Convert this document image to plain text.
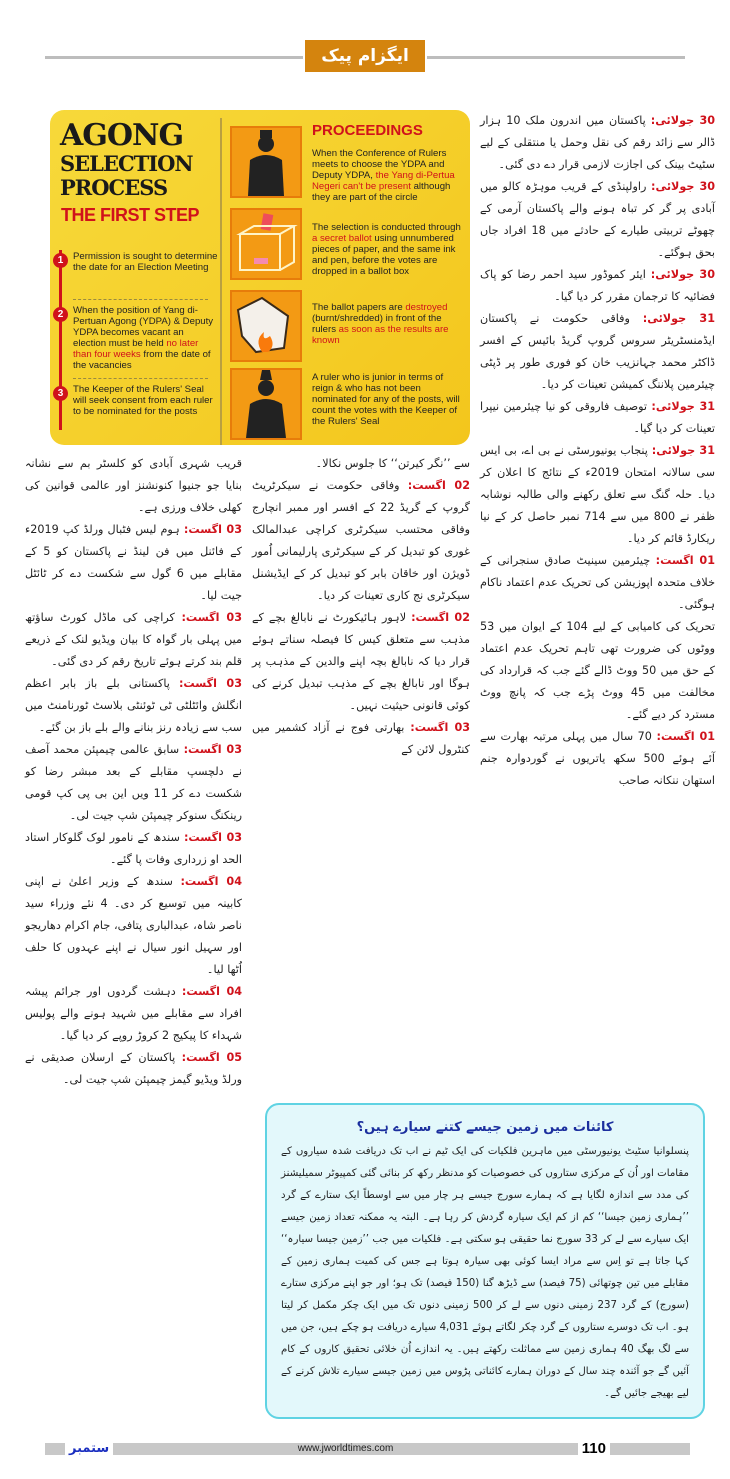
ایگزام پیک
AGONG
SELECTION
PROCESS
THE FIRST STEP
1	Permission is sought to determine the date for an Election Meeting
2	When the position of Yang di-Pertuan Agong (YDPA) & Deputy YDPA becomes vacant an election must be held no later than four weeks from the date of the vacancies
3	The Keeper of the Rulers' Seal will seek consent from each ruler to be nominated for the posts
PROCEEDINGS
When the Conference of Rulers meets to choose the YDPA and Deputy YDPA, the Yang di-Pertua Negeri can't be present although they are part of the circle
The selection is conducted through a secret ballot using unnumbered pieces of paper, and the same ink and pen, before the votes are dropped in a ballot box
The ballot papers are destroyed (burnt/shredded) in front of the rulers as soon as the results are known
A ruler who is junior in terms of reign & who has not been nominated for any of the posts, will count the votes with the Keeper of the Rulers' Seal

قریب شہری آبادی کو کلسٹر بم سے نشانہ بنایا جو جنیوا کنونشنز اور عالمی قوانین کی کھلی خلاف ورزی ہے۔

03 اگست: ہوم لیس فٹبال ورلڈ کپ 2019ء کے فائنل میں فن لینڈ نے پاکستان کو 5 کے مقابلے میں 6 گول سے شکست دے کر ٹائٹل جیت لیا۔

03 اگست: کراچی کی ماڈل کورٹ ساؤتھ میں پہلی بار گواہ کا بیان ویڈیو لنک کے ذریعے قلم بند کرتے ہوئے تاریخ رقم کر دی گئی۔

03 اگست: پاکستانی بلے باز بابر اعظم انگلش وائٹلٹی ٹی ٹوئنٹی بلاسٹ ٹورنامنٹ میں سب سے زیادہ رنز بنانے والے بلے باز بن گئے۔

03 اگست: سابق عالمی چیمپئن محمد آصف نے دلچسپ مقابلے کے بعد مبشر رضا کو شکست دے کر 11 ویں این بی پی کپ قومی رینکنگ سنوکر چیمپئن شپ جیت لی۔

03 اگست: سندھ کے نامور لوک گلوکار استاد الحد او زرداری وفات پا گئے۔

04 اگست: سندھ کے وزیر اعلیٰ نے اپنی کابینہ میں توسیع کر دی۔ 4 نئے وزراء سید ناصر شاہ، عبدالباری پتافی، جام اکرام دھاریجو اور سہیل انور سیال نے اپنے عہدوں کا حلف اُٹھا لیا۔

04 اگست: دہشت گردوں اور جرائم پیشہ افراد سے مقابلے میں شہید ہونے والے پولیس شہداء کا پیکیج 2 کروڑ روپے کر دیا گیا۔

05 اگست: پاکستان کے ارسلان صدیقی نے ورلڈ ویڈیو گیمز چیمپئن شپ جیت لی۔

سے ’’نگر کیرتن‘‘ کا جلوس نکالا۔

02 اگست: وفاقی حکومت نے سیکرٹریٹ گروپ کے گریڈ 22 کے افسر اور ممبر انچارج وفاقی محتسب سیکرٹری کراچی عبدالمالک غوری کو تبدیل کر کے سیکرٹری پارلیمانی اُمور ڈویژن اور خاقان بابر کو تبدیل کر کے ایڈیشنل سیکرٹری نج کاری تعینات کر دیا۔

02 اگست: لاہور ہائیکورٹ نے نابالغ بچے کے مذہب سے متعلق کیس کا فیصلہ سناتے ہوئے قرار دیا کہ نابالغ بچہ اپنے والدین کے مذہب پر ہوگا اور نابالغ بچے کے مذہب تبدیل کرنے کی کوئی قانونی حیثیت نہیں۔

03 اگست: بھارتی فوج نے آزاد کشمیر میں کنٹرول لائن کے

30 جولائی: پاکستان میں اندرون ملک 10 ہزار ڈالر سے زائد رقم کی نقل وحمل یا منتقلی کے لیے سٹیٹ بینک کی اجازت لازمی قرار دے دی گئی۔

30 جولائی: راولپنڈی کے قریب موہڑہ کالو میں آبادی پر گر کر تباہ ہونے والے پاکستان آرمی کے چھوٹے تربیتی طیارے کے حادثے میں 18 افراد جاں بحق ہوگئے۔

30 جولائی: ایئر کموڈور سید احمر رضا کو پاک فضائیہ کا ترجمان مقرر کر دیا گیا۔

31 جولائی: وفاقی حکومت نے پاکستان ایڈمنسٹریٹر سروس گروپ گریڈ بائیس کے افسر ڈاکٹر محمد جہانزیب خان کو فوری طور پر ڈپٹی چیئرمین پلاننگ کمیشن تعینات کر دیا۔

31 جولائی: توصیف فاروقی کو نیا چیئرمین نیپرا تعینات کر دیا گیا۔

31 جولائی: پنجاب یونیورسٹی نے بی اے، بی ایس سی سالانہ امتحان 2019ء کے نتائج کا اعلان کر دیا۔ حلہ گنگ سے تعلق رکھنے والی طالبہ نوشابہ ظفر نے 800 میں سے 714 نمبر حاصل کر کے نیا ریکارڈ قائم کر دیا۔

01 اگست: چیئرمین سینیٹ صادق سنجرانی کے خلاف متحدہ اپوزیشن کی تحریک عدم اعتماد ناکام ہوگئی۔

تحریک کی کامیابی کے لیے 104 کے ایوان میں 53 ووٹوں کی ضرورت تھی تاہم تحریک عدم اعتماد کے حق میں 50 ووٹ ڈالے گئے جب کہ قرارداد کی مخالفت میں 45 ووٹ پڑے جب کہ پانچ ووٹ مسترد کر دیے گئے۔

01 اگست: 70 سال میں پہلی مرتبہ بھارت سے آئے ہوئے 500 سکھ یاتریوں نے گوردوارہ جنم استھان ننکانہ صاحب

کائنات میں زمین جیسے کتنے سیارے ہیں؟

پنسلوانیا سٹیٹ یونیورسٹی میں ماہرین فلکیات کی ایک ٹیم نے اب تک دریافت شدہ سیاروں کے مقامات اور اُن کے مرکزی ستاروں کی خصوصیات کو مدنظر رکھ کر بنائی گئی کمپیوٹر سمیلیشنز کی مدد سے اندازہ لگایا ہے کہ ہمارے سورج جیسے ہر چار میں سے اوسطاً ایک ستارے کے گرد ’’ہماری زمین جیسا‘‘ کم از کم ایک سیارہ گردش کر رہا ہے۔ البتہ یہ ممکنہ تعداد زمین جیسے ایک سیارے سے لے کر 33 سورج نما حقیقی ہو سکتی ہے۔ فلکیات میں جب ’’زمین جیسا سیارہ‘‘ کہا جاتا ہے تو اِس سے مراد ایسا کوئی بھی سیارہ ہوتا ہے جس کی کمیت ہماری زمین کے مقابلے میں تین چوتھائی (75 فیصد) سے ڈیڑھ گنا (150 فیصد) تک ہو؛ اور جو اپنے مرکزی ستارے (سورج) کے گرد 237 زمینی دنوں سے لے کر 500 زمینی دنوں تک میں ایک چکر مکمل کر لیتا ہو۔ اب تک دوسرے ستاروں کے گرد چکر لگاتے ہوئے 4,031 سیارے دریافت ہو چکے ہیں، جن میں سے لگ بھگ 40 ہماری زمین سے مماثلت رکھتے ہیں۔ یہ اندازے اُن خلائی تحقیق کاروں کے کام آئیں گے جو آئندہ چند سال کے دوران ہمارے کائناتی پڑوس میں زمین جیسے سیارے تلاش کرنے کے لیے بھیجے جائیں گے۔

ستمبر	www.jworldtimes.com	110
